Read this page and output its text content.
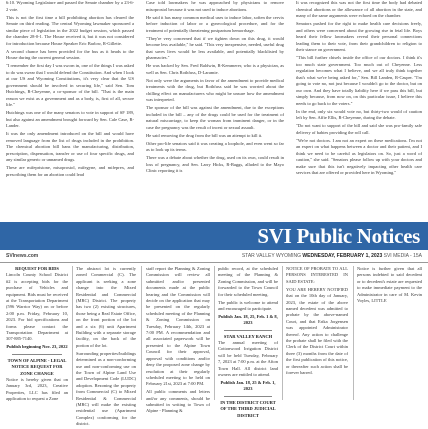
6:10. Wyoming Legislature and passed the Senate chamber by a 23-6-2 vote.

This is not the first time a bill prohibiting abortion has cleared the Senate on third reading. The central Wyoming lawmaker sponsored a similar piece of legislation in the 2022 budget session, which passed the chamber 28-0-1. The House received it, but it was not considered for introduction because House Speaker Eric Barlow, R-Gillette.

A second chance has been provided for the bus as it heads to the House during the current general session.

"I remember the first day I was sworn in, one of the things I was asked to do was swear that I would defend the Constitution. And when I look at our US and Wyoming Constitutions, it's very clear that the US government should be involved in securing life," said Sen. Tom Hutchings, R-Cheyenne, a co-sponsor of the bill. "That is the main reason we exist as a government and as a body, is, first of all, secure life."

Hutchings was one of the many senators to vote in support of SF 189, but also against an amendment brought forward by Sen. Cale Case, R-Lander.

It was the only amendment introduced on the bill and would have removed language from the list of drugs included in the prohibition. The chemical abortion bill bans the manufacturing, distribution, prescription, dispensation, transfer or use of four specific drugs, and any similar generic or unnamed drugs.

These are mifepristone, misoprostol, mifegyne, and mifeprex, and prescribing them for an abortion could lead

Case told lawmakers he was approached by physicians to remove misoprostol because it was not used to induce abortions.

He said it has many common medical uses to induce labor, soften the cervix before induction of labor or a gynecological procedure, and for the treatment of potentially threatening postpartum hemorrhage.

"They're very concerned that if we tighten down on this drug, it would become less available," he said. "This very inexpensive, needed, useful drug that saves lives would be less available, and potentially blacklisted by pharmacies."

He was backed by Sen. Fred Baldwin, R-Kemmerer, who is a physician, as well as Sen. Chris Rothfuss, D-Laramie.

Not only were the arguments in favor of the amendment to provide medical treatments with the drug, but Rothfuss said he was worried about the chilling effect on manufacturers who might be unsure how the amendment was interpreted.

The sponsor of the bill was against the amendment, due to the exceptions included in the bill – any of the drugs could be used for the treatment of natural miscarriage, to keep the woman from imminent danger, or in the case the pregnancy was the result of incest or sexual assault.

He said removing the drug from the bill was an attempt to kill it.

Other pro-life senators said it was creating a loophole, and even went so far as to look up its terms.

There was a debate about whether the drug, used on its own, could result in loss of pregnancy, and Sen. Larry Hicks, R-Baggs, alluded to the Mayo Clinic reporting it is

It was recognized this was not the first time the body had debated chemical abortions or the allowance of all abortion in the state, and many of the same arguments were echoed on the chamber.

Senators pushed for the right to make health care decisions freely, and others were concerned about the growing rise in fetal life. Boys heard their fellow lawmakers reveal their personal connections leading them to their vote, from their grandchildren to religion to their stance on government.

"This bill further chisels inside the office of our doctors. I think it's too much state government. Too much out of Cheyenne. Less regulation becomes what I believe, and we all truly think together that's what we're being asked for," Sen. Bill Landen, R-Casper. "I'm going to vote no, not just because I wouldn't go to the doctor, but on our own. And they have totally liability here if we pass this bill, but simply because, from now on, on this particular issue, I believe this needs to go back to the voters."

In the end, only six would vote no, but thirty-two would of caution left by Sen. Affie Ellis, R-Cheyenne, during the debate.

"Do not want to support of the bill and said she was pro-family safe delivery of babies providing the roll call.

"We're not doctors. I am not an expert on these medications. I'm not an expert on what happens between a doctor and their patient, and I think we need to be careful as legislators on. So, just a word of caution," she said. "Senators please follow up with your doctors and make sure that this isn't negatively impacting other health care services that are offered or provided here in Wyoming."

SVI Public Notices
SVInews.com	STAR VALLEY WYOMING WEDNESDAY, FEBRUARY 1, 2023 SVI MEDIA - 15A
REQUEST FOR BIDS

Lincoln County School District #2 is accepting bids for the purchase of Vehicles and equipment. Bids must be received at the Transportation Department (596 Warrior Way) on or before 2:00 p.m. Friday, February 10, 2023. For bid specifications and forms please contact the Transportation Department at 307-885-7140.

Publish beginning Nov. 23, 2022
TOWN OF ALPINE - LEGAL NOTICE REQUEST FOR ZONE CHANGE

Notice is hereby given that on January 3rd, 2023, Creative Properties, LLC has filed an application to request a Zone

The abstract lot is currently zoned Commercial (C). The applicant is seeking a zone change into the Mixed Residential and Commercial (MRC) District. The property has two (2) existing structures, those being a Real Estate Office, on the front portion of the lot and a six (6) unit Apartment Building with a separate storage facility, on the back of the portion of the lot.

Surrounding properties/buildings determined as a non-conforming use and non-conforming use on the Town of Alpine Land Use and Development Code (LUDC) adoption. Rezoning the property from Commercial (C) to Mixed Residential & Commercial (MRC) will make the existing residential use (Apartment Complex) conforming for the district.

staff report the Planning & Zoning Commission will review all submitted and/or presented documents made at the public hearing and the Commission will decide on the application that may be presented on the regularly scheduled meeting of the Planning & Zoning Commission on Tuesday, February 14th, 2023 at 7:00 PM. A recommendation and all associated paperwork will be presented to the Alpine Town Council for their approval, approval with conditions and/or deny the proposed zone change by resolution at their regularly scheduled meeting to be held on February 21st, 2023 at 7:00 PM.

All public comments and letters and/or any comments, should be submitted in writing to Town of Alpine - Planning &

public record, at the scheduled meeting of the Planning & Zoning Commission, and will be forwarded to the Town Council for their scheduled meeting.

The public is welcome to attend and encouraged to participate.

Publish Jan. 18, 25, Feb. 1 & 8, 2023
STAR VALLEY RANCH

The annual meeting of Cottonwood Irrigation District will be held Tuesday, February 7, 2023 at 7:00 p.m. at the Afton Town Hall. All district land owners are entitled to attend.

Publish Jan. 18, 25 & Feb. 1, 2023
IN THE DISTRICT COURT OF THE THIRD JUDICIAL DISTRICT

NOTICE OF PROBATE TO ALL PERSONS INTERESTED IN SAID ESTATE:

YOU ARE HEREBY NOTIFIED that on the 10th day of January, 2023, the estate of the above named decedent was admitted to probate by the above-named Court, and that Erika Jorgensen was appointed Administrator thereof. Any action to challenge the probate shall be filed with the Clerk of the District Court within three (3) months from the date of the first publication of this notice, or thereafter such action shall be forever barred.

Notice is further given that all persons indebted to said decedent or to decedent's estate are requested to make immediate payment to the Administrator in care of M. Kevin Voyles, LITTLE
